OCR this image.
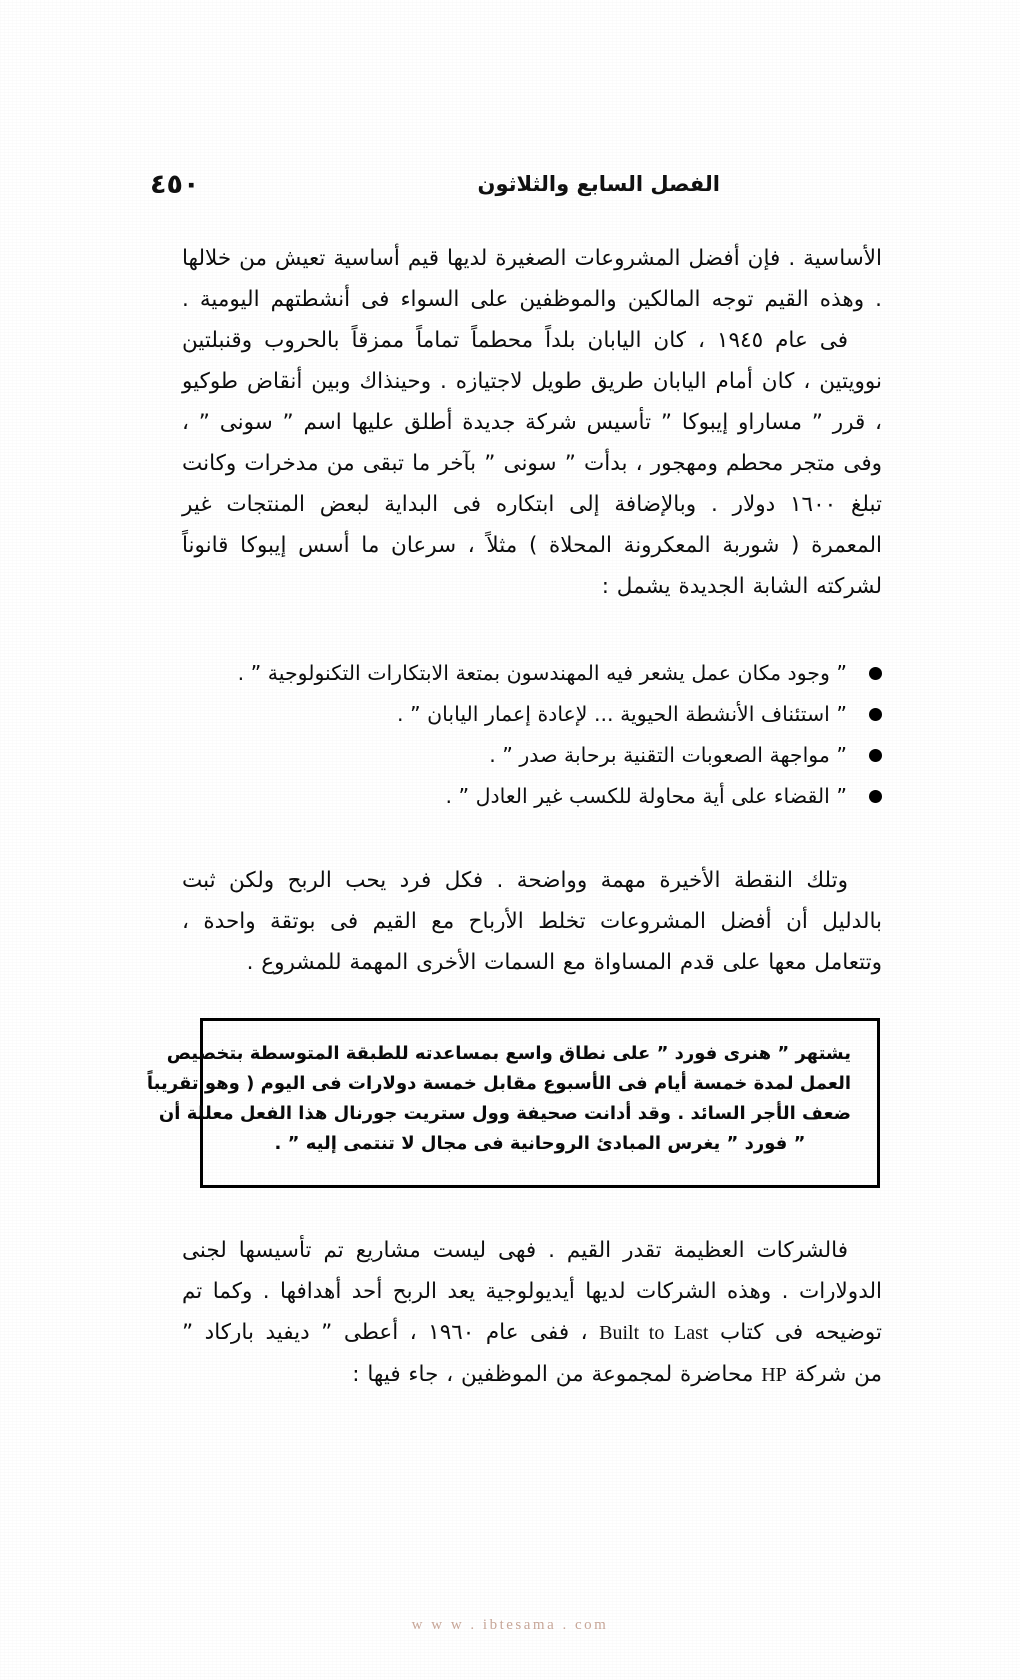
٤٥٠	الفصل السابع والثلاثون

الأساسية . فإن أفضل المشروعات الصغيرة لديها قيم أساسية تعيش من خلالها . وهذه القيم توجه المالكين والموظفين على السواء فى أنشطتهم اليومية .

فى عام ١٩٤٥ ، كان اليابان بلداً محطماً تماماً ممزقاً بالحروب وقنبلتين نوويتين ، كان أمام اليابان طريق طويل لاجتيازه . وحينذاك وبين أنقاض طوكيو ، قرر ” مساراو إيبوكا ” تأسيس شركة جديدة أطلق عليها اسم ” سونى ” ، وفى متجر محطم ومهجور ، بدأت ” سونى ” بآخر ما تبقى من مدخرات وكانت تبلغ ١٦٠٠ دولار . وبالإضافة إلى ابتكاره فى البداية لبعض المنتجات غير المعمرة ( شوربة المعكرونة المحلاة ) مثلاً ، سرعان ما أسس إيبوكا قانوناً لشركته الشابة الجديدة يشمل :

” وجود مكان عمل يشعر فيه المهندسون بمتعة الابتكارات التكنولوجية ” .
” استئناف الأنشطة الحيوية ... لإعادة إعمار اليابان ” .
” مواجهة الصعوبات التقنية برحابة صدر ” .
” القضاء على أية محاولة للكسب غير العادل ” .

وتلك النقطة الأخيرة مهمة وواضحة . فكل فرد يحب الربح ولكن ثبت بالدليل أن أفضل المشروعات تخلط الأرباح مع القيم فى بوتقة واحدة ، وتتعامل معها على قدم المساواة مع السمات الأخرى المهمة للمشروع .

يشتهر ” هنرى فورد ” على نطاق واسع بمساعدته للطبقة المتوسطة بتخصيص
العمل لمدة خمسة أيام فى الأسبوع مقابل خمسة دولارات فى اليوم ( وهو تقريباً
ضعف الأجر السائد . وقد أدانت صحيفة وول ستريت جورنال هذا الفعل معللة أن
” فورد ” يغرس المبادئ الروحانية فى مجال لا تنتمى إليه ” .

فالشركات العظيمة تقدر القيم . فهى ليست مشاريع تم تأسيسها لجنى

الدولارات . وهذه الشركات لديها أيديولوجية يعد الربح أحد أهدافها . وكما تم

توضيحه فى كتاب Built to Last ، ففى عام ١٩٦٠ ، أعطى ” ديفيد باركاد ”

من شركة HP محاضرة لمجموعة من الموظفين ، جاء فيها :

w w w . ibtesama . com
